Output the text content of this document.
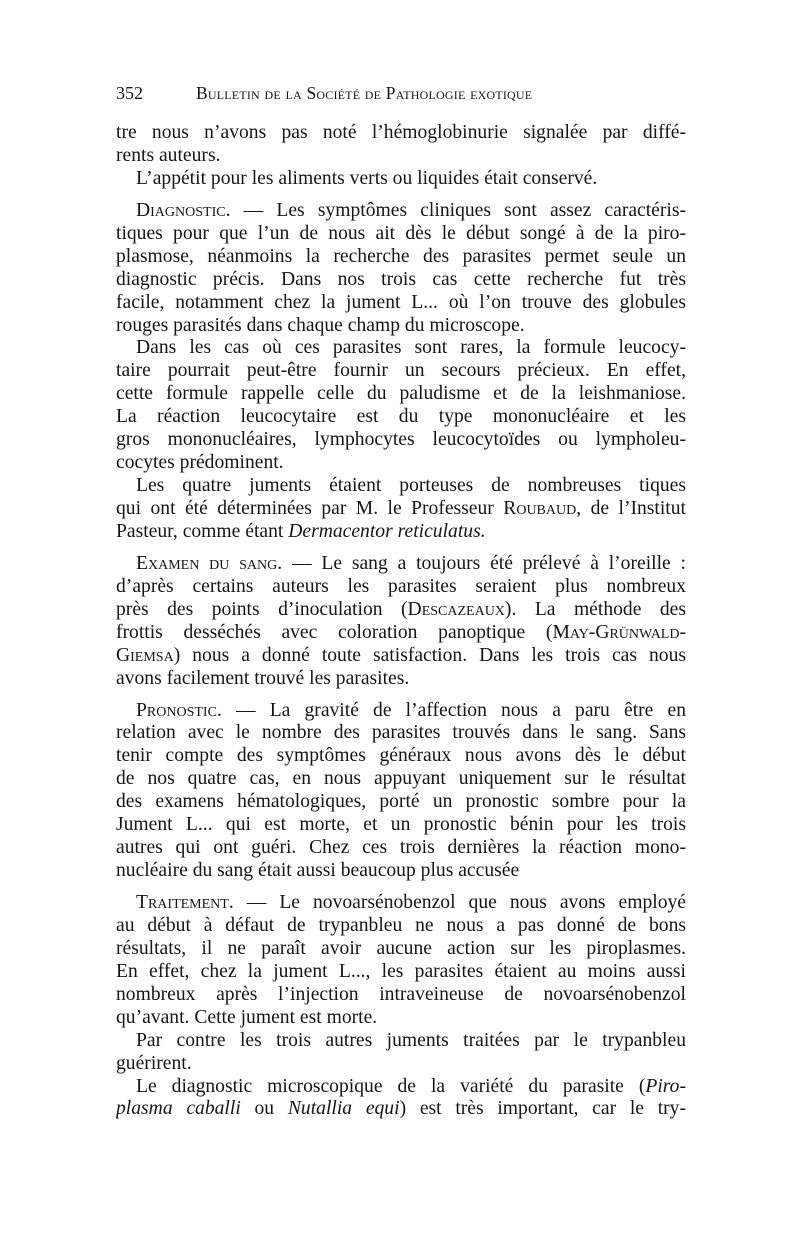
352	Bulletin de la Société de Pathologie exotique
tre nous n’avons pas noté l’hémoglobinurie signalée par diffé-
rents auteurs.
L’appétit pour les aliments verts ou liquides était conservé.
Diagnostic. — Les symptômes cliniques sont assez caractéris-
tiques pour que l’un de nous ait dès le début songé à de la piro-
plasmose, néanmoins la recherche des parasites permet seule un
diagnostic précis. Dans nos trois cas cette recherche fut très
facile, notamment chez la jument L... où l’on trouve des globules
rouges parasités dans chaque champ du microscope.
Dans les cas où ces parasites sont rares, la formule leucocy-
taire pourrait peut-être fournir un secours précieux. En effet,
cette formule rappelle celle du paludisme et de la leishmaniose.
La réaction leucocytaire est du type mononucléaire et les
gros mononucléaires, lymphocytes leucocytoïdes ou lympholeu-
cocytes prédominent.
Les quatre juments étaient porteuses de nombreuses tiques
qui ont été déterminées par M. le Professeur Roubaud, de l’Institut
Pasteur, comme étant Dermacentor reticulatus.
Examen du sang. — Le sang a toujours été prélevé à l’oreille :
d’après certains auteurs les parasites seraient plus nombreux
près des points d’inoculation (Descazeaux). La méthode des
frottis desséchés avec coloration panoptique (May-Grünwald-
Giemsa) nous a donné toute satisfaction. Dans les trois cas nous
avons facilement trouvé les parasites.
Pronostic. — La gravité de l’affection nous a paru être en
relation avec le nombre des parasites trouvés dans le sang. Sans
tenir compte des symptômes généraux nous avons dès le début
de nos quatre cas, en nous appuyant uniquement sur le résultat
des examens hématologiques, porté un pronostic sombre pour la
Jument L... qui est morte, et un pronostic bénin pour les trois
autres qui ont guéri. Chez ces trois dernières la réaction mono-
nucléaire du sang était aussi beaucoup plus accusée
Traitement. — Le novoarsénobenzol que nous avons employé
au début à défaut de trypanbleu ne nous a pas donné de bons
résultats, il ne paraît avoir aucune action sur les piroplasmes.
En effet, chez la jument L..., les parasites étaient au moins aussi
nombreux après l’injection intraveineuse de novoarsénobenzol
qu’avant. Cette jument est morte.
Par contre les trois autres juments traitées par le trypanbleu
guérirent.
Le diagnostic microscopique de la variété du parasite (Piro-
plasma caballi ou Nutallia equi) est très important, car le try-
